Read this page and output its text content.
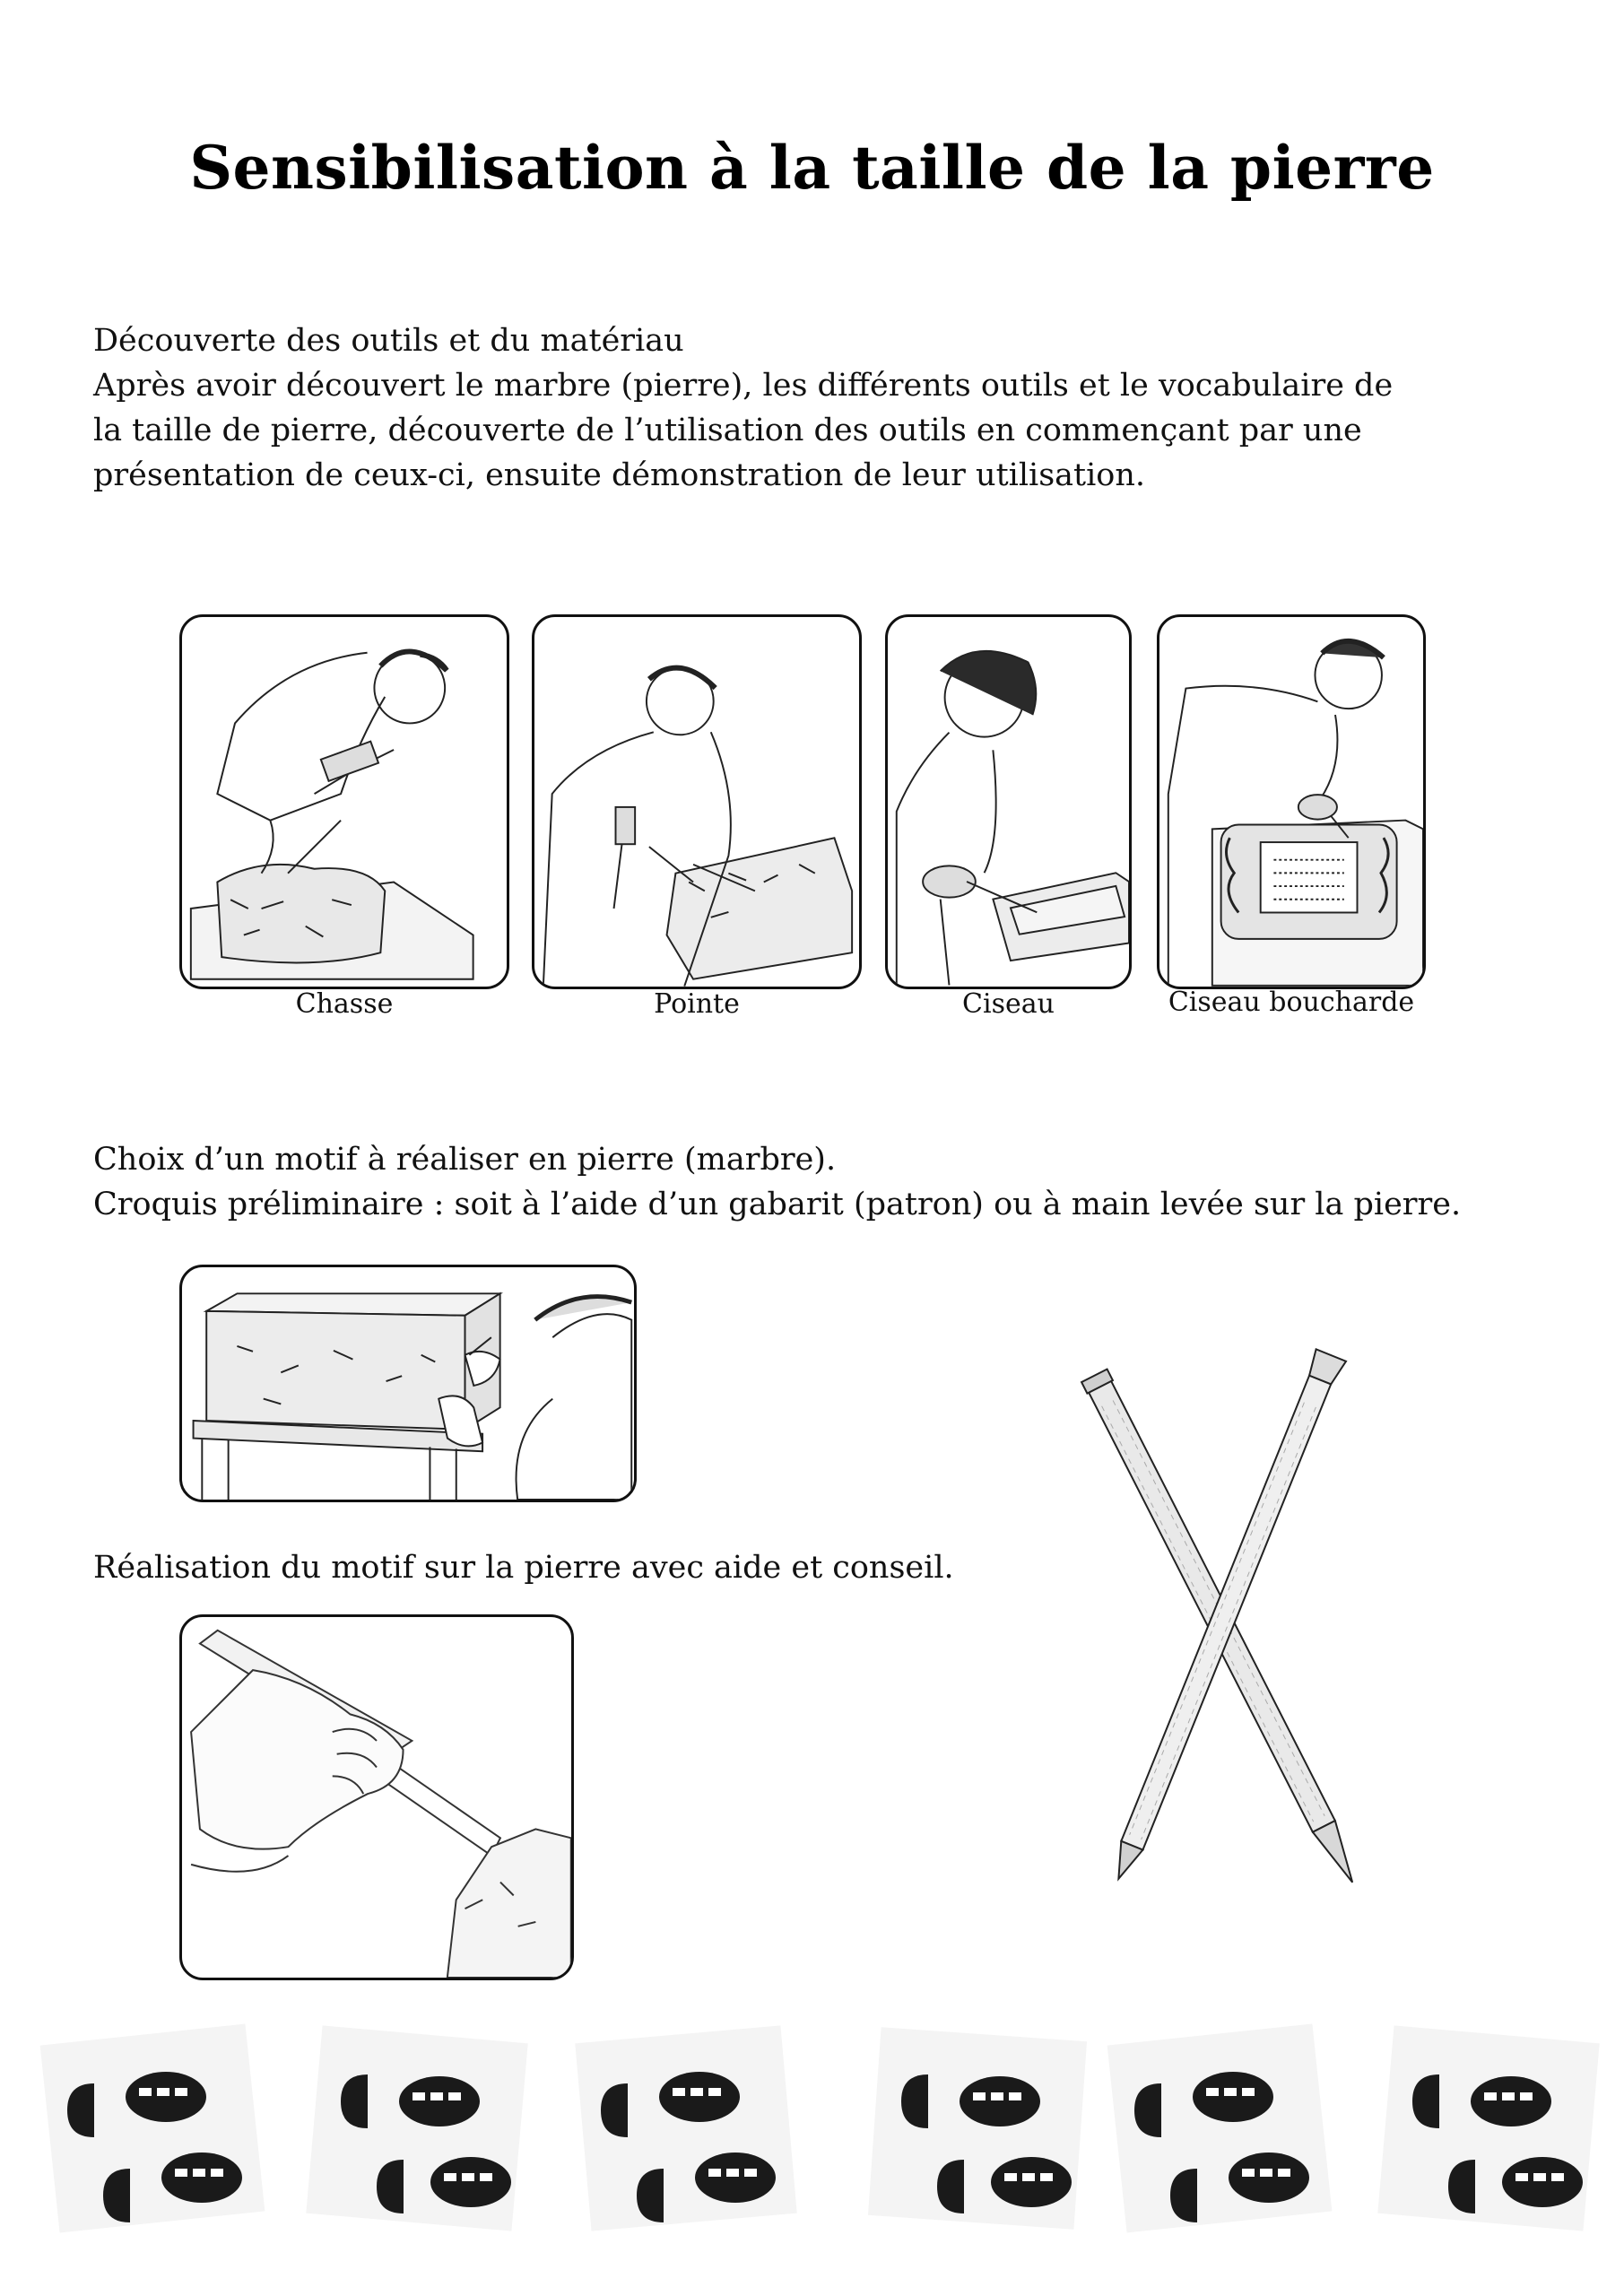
Sensibilisation à la taille de la pierre

Découverte des outils et du matériau
Après avoir découvert le marbre (pierre), les différents outils et le vocabulaire de
la taille de pierre, découverte de l’utilisation des outils en commençant par une
présentation de ceux-ci, ensuite démonstration de leur utilisation.

Chasse	Pointe	Ciseau	Ciseau boucharde

Choix d’un motif à réaliser en pierre (marbre).
Croquis préliminaire : soit à l’aide d’un gabarit (patron) ou à main levée sur la pierre.

Réalisation du motif sur la pierre avec aide et conseil.
